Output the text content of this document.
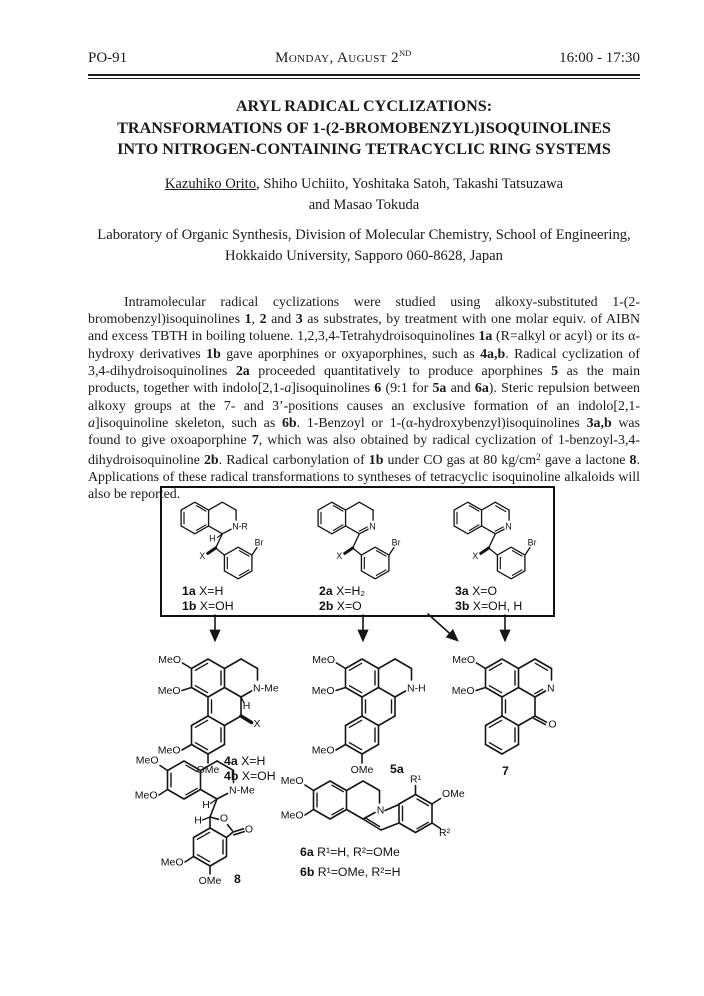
PO-91	Monday, August 2ND	16:00 - 17:30
ARYL RADICAL CYCLIZATIONS:
TRANSFORMATIONS OF 1-(2-BROMOBENZYL)ISOQUINOLINES
INTO NITROGEN-CONTAINING TETRACYCLIC RING SYSTEMS
Kazuhiko Orito, Shiho Uchiito, Yoshitaka Satoh, Takashi Tatsuzawa
and Masao Tokuda
Laboratory of Organic Synthesis, Division of Molecular Chemistry, School of Engineering,
Hokkaido University, Sapporo 060-8628, Japan
Intramolecular radical cyclizations were studied using alkoxy-substituted 1-(2-bromobenzyl)isoquinolines 1, 2 and 3 as substrates, by treatment with one molar equiv. of AIBN and excess TBTH in boiling toluene. 1,2,3,4-Tetrahydroisoquinolines 1a (R=alkyl or acyl) or its α-hydroxy derivatives 1b gave aporphines or oxyaporphines, such as 4a,b. Radical cyclization of 3,4-dihydroisoquinolines 2a proceeded quantitatively to produce aporphines 5 as the main products, together with indolo[2,1-a]isoquinolines 6 (9:1 for 5a and 6a). Steric repulsion between alkoxy groups at the 7- and 3’-positions causes an exclusive formation of an indolo[2,1-a]isoquinoline skeleton, such as 6b. 1-Benzoyl or 1-(α-hydroxybenzyl)isoquinolines 3a,b was found to give oxoaporphine 7, which was also obtained by radical cyclization of 1-benzoyl-3,4-dihydroisoquinoline 2b. Radical carbonylation of 1b under CO gas at 80 $kg/cm^2$ gave a lactone 8. Applications of these radical transformations to syntheses of tetracyclic isoquinoline alkaloids will also be reported.
N-R
H
X
Br
1a X=H
1b X=OH
N
X
Br
2a X=H₂
2b X=O
N
X
Br
3a X=O
3b X=OH, H
N-Me
H
X
MeO
MeO
MeO
OMe
4a X=H
4b X=OH
N-H
MeO
MeO
MeO
OMe 5a
N
O
MeO
MeO
7
N-Me
MeO
MeO
H
H O
O
MeO
OMe 8
MeO
MeO	N
R¹
OMe
R²
6a R¹=H, R²=OMe
6b R¹=OMe, R²=H
